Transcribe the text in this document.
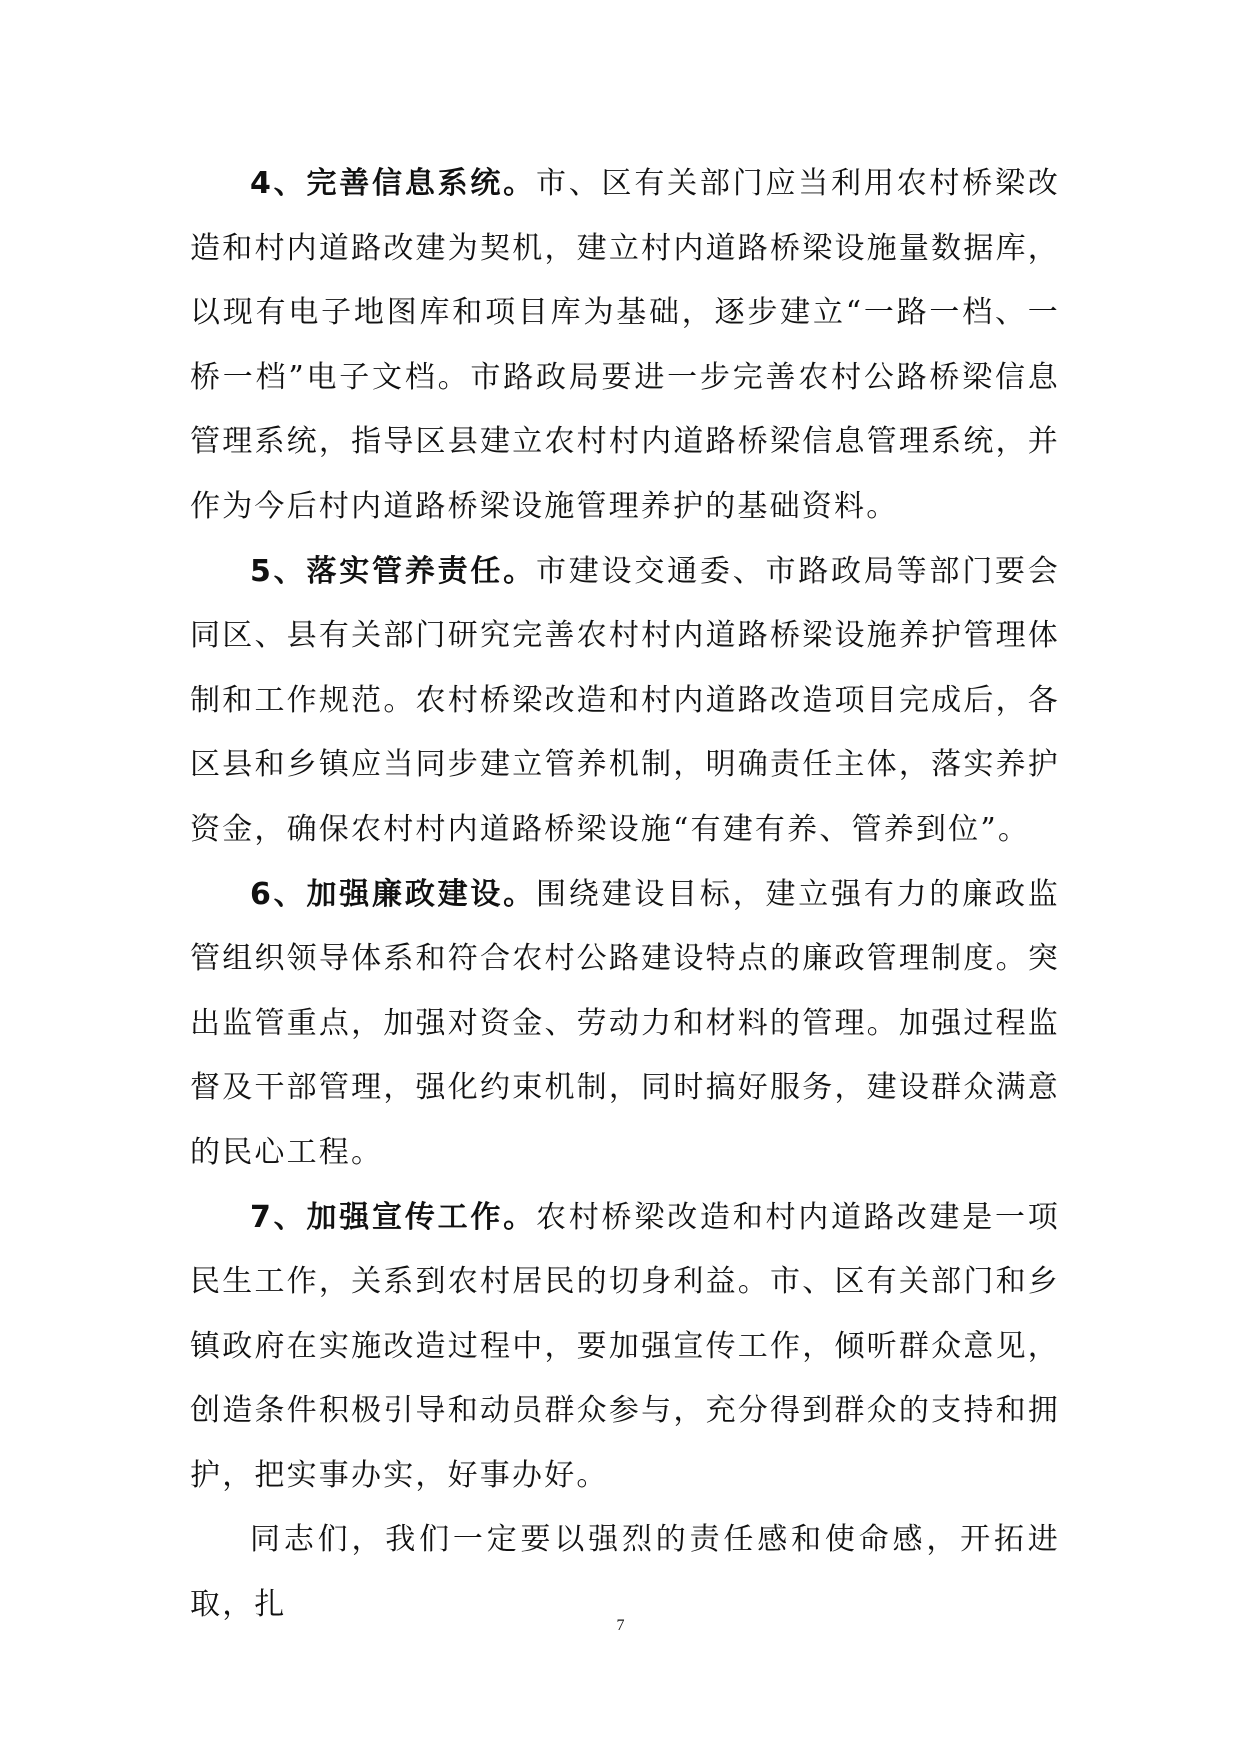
4、完善信息系统。市、区有关部门应当利用农村桥梁改造和村内道路改建为契机，建立村内道路桥梁设施量数据库，以现有电子地图库和项目库为基础，逐步建立“一路一档、一桥一档”电子文档。市路政局要进一步完善农村公路桥梁信息管理系统，指导区县建立农村村内道路桥梁信息管理系统，并作为今后村内道路桥梁设施管理养护的基础资料。

5、落实管养责任。市建设交通委、市路政局等部门要会同区、县有关部门研究完善农村村内道路桥梁设施养护管理体制和工作规范。农村桥梁改造和村内道路改造项目完成后，各区县和乡镇应当同步建立管养机制，明确责任主体，落实养护资金，确保农村村内道路桥梁设施“有建有养、管养到位”。

6、加强廉政建设。围绕建设目标，建立强有力的廉政监管组织领导体系和符合农村公路建设特点的廉政管理制度。突出监管重点，加强对资金、劳动力和材料的管理。加强过程监督及干部管理，强化约束机制，同时搞好服务，建设群众满意的民心工程。

7、加强宣传工作。农村桥梁改造和村内道路改建是一项民生工作，关系到农村居民的切身利益。市、区有关部门和乡镇政府在实施改造过程中，要加强宣传工作，倾听群众意见，创造条件积极引导和动员群众参与，充分得到群众的支持和拥护，把实事办实，好事办好。

同志们，我们一定要以强烈的责任感和使命感，开拓进取，扎

7
